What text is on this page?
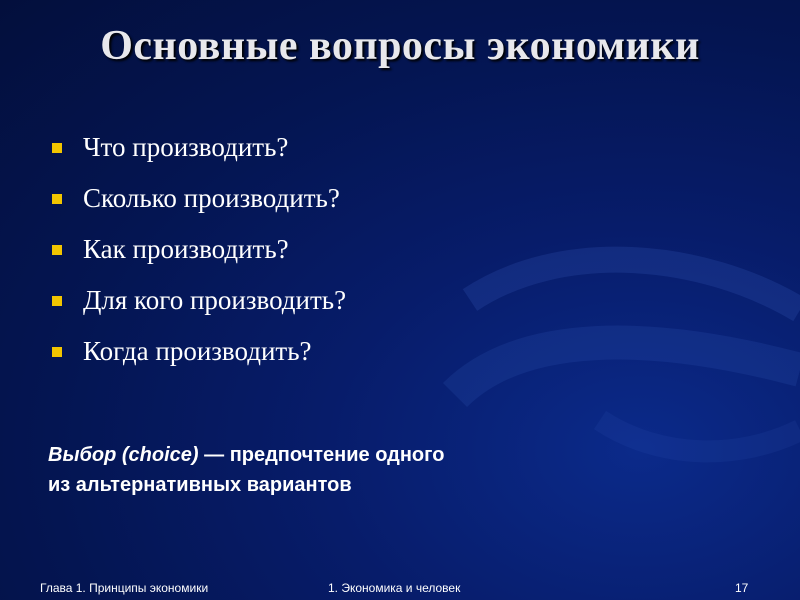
Основные вопросы экономики
Что производить?
Сколько производить?
Как производить?
Для кого производить?
Когда производить?
Выбор (choice) — предпочтение одного
из альтернативных вариантов
Глава 1. Принципы экономики	1. Экономика и человек	17
